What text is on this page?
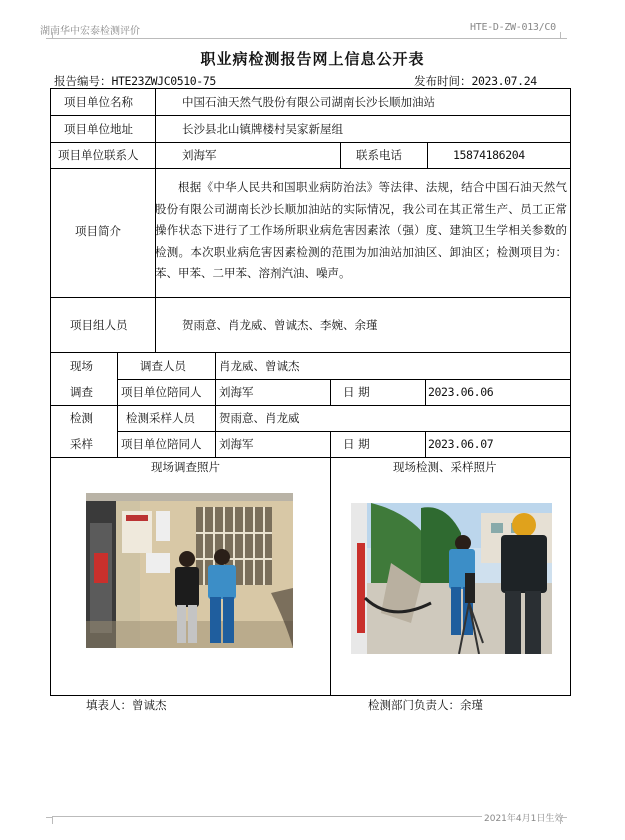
湖南华中宏泰检测评价	HTE-D-ZW-013/C0
职业病检测报告网上信息公开表
报告编号：HTE23ZWJC0510-75	发布时间：2023.07.24
项目单位名称	中国石油天然气股份有限公司湖南长沙长顺加油站
项目单位地址	长沙县北山镇牌楼村吴家新屋组
项目单位联系人	刘海军	联系电话	15874186204
项目简介
根据《中华人民共和国职业病防治法》等法律、法规，结合中国石油天然气股份有限公司湖南长沙长顺加油站的实际情况，我公司在其正常生产、员工正常操作状态下进行了工作场所职业病危害因素浓（强）度、建筑卫生学相关参数的检测。本次职业病危害因素检测的范围为加油站加油区、卸油区；检测项目为：苯、甲苯、二甲苯、溶剂汽油、噪声。
项目组人员	贺雨意、肖龙威、曾诚杰、李婉、余瑾
现场
调查
调查人员	肖龙威、曾诚杰
项目单位陪同人 刘海军	日 期	2023.06.06
检测
采样
检测采样人员 贺雨意、肖龙威
项目单位陪同人 刘海军	日 期	2023.06.07
现场调查照片	现场检测、采样照片
填表人：曾诚杰	检测部门负责人：余瑾
2021年4月1日生效
